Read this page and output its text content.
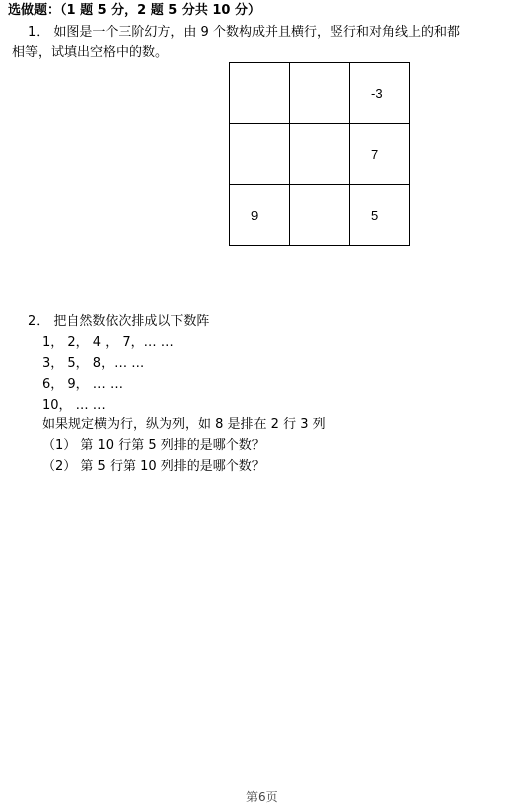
选做题：（1 题 5 分，2 题 5 分共 10 分）
1． 如图是一个三阶幻方，由 9 个数构成并且横行，竖行和对角线上的和都
相等，试填出空格中的数。
		-3
		7
9		5
2． 把自然数依次排成以下数阵
1， 2， 4 ， 7，… …
3， 5， 8，… …
6， 9， … …
10， … …
如果规定横为行，纵为列，如 8 是排在 2 行 3 列
（1） 第 10 行第 5 列排的是哪个数？
（2） 第 5 行第 10 列排的是哪个数？
第6页
